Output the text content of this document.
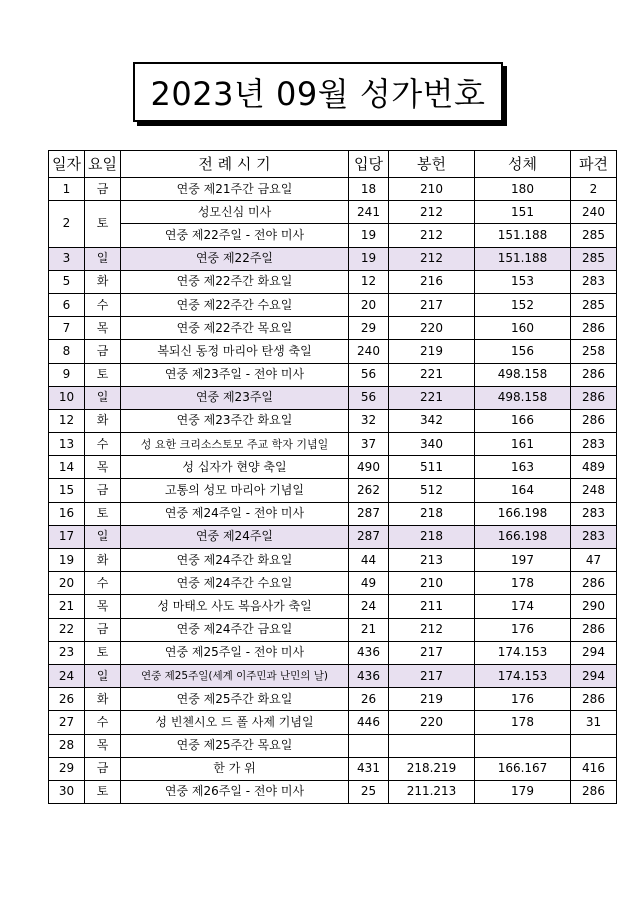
2023년 09월 성가번호
일자	요일	전 례 시 기	입당	봉헌	성체	파견
1	금	연중 제21주간 금요일	18	210	180	2
2	토	성모신심 미사	241	212	151	240
		연중 제22주일 - 전야 미사	19	212	151.188	285
3	일	연중 제22주일	19	212	151.188	285
5	화	연중 제22주간 화요일	12	216	153	283
6	수	연중 제22주간 수요일	20	217	152	285
7	목	연중 제22주간 목요일	29	220	160	286
8	금	복되신 동정 마리아 탄생 축일	240	219	156	258
9	토	연중 제23주일 - 전야 미사	56	221	498.158	286
10	일	연중 제23주일	56	221	498.158	286
12	화	연중 제23주간 화요일	32	342	166	286
13	수	성 요한 크리소스토모 주교 학자 기념일	37	340	161	283
14	목	성 십자가 현양 축일	490	511	163	489
15	금	고통의 성모 마리아 기념일	262	512	164	248
16	토	연중 제24주일 - 전야 미사	287	218	166.198	283
17	일	연중 제24주일	287	218	166.198	283
19	화	연중 제24주간 화요일	44	213	197	47
20	수	연중 제24주간 수요일	49	210	178	286
21	목	성 마태오 사도 복음사가 축일	24	211	174	290
22	금	연중 제24주간 금요일	21	212	176	286
23	토	연중 제25주일 - 전야 미사	436	217	174.153	294
24	일	연중 제25주일(세계 이주민과 난민의 날)	436	217	174.153	294
26	화	연중 제25주간 화요일	26	219	176	286
27	수	성 빈첸시오 드 폴 사제 기념일	446	220	178	31
28	목	연중 제25주간 목요일				
29	금	한 가 위	431	218.219	166.167	416
30	토	연중 제26주일 - 전야 미사	25	211.213	179	286
